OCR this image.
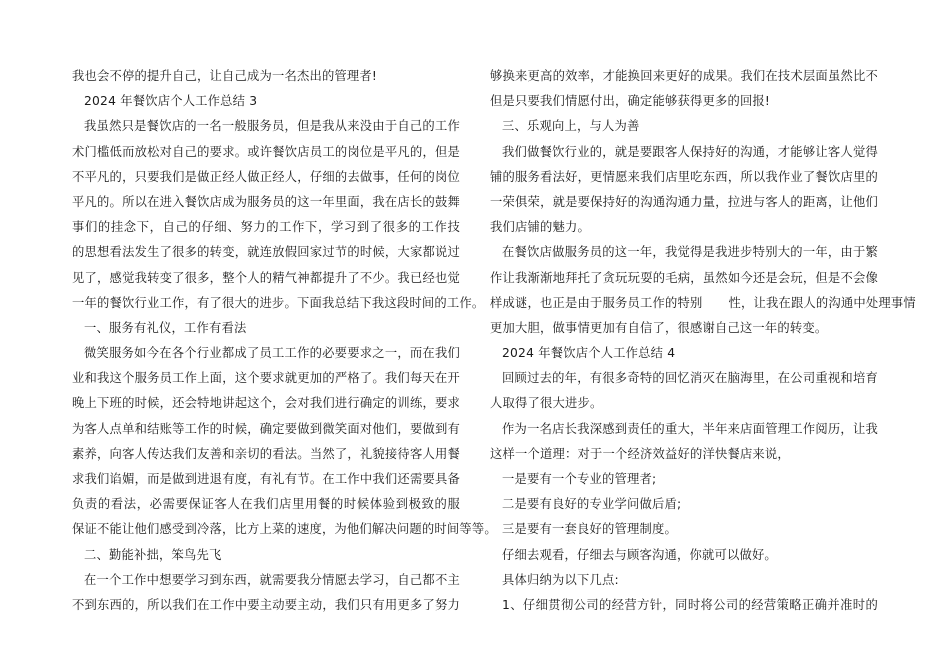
我也会不停的提升自己，让自己成为一名杰出的管理者!
2024 年餐饮店个人工作总结 3
我虽然只是餐饮店的一名一般服务员，但是我从来没由于自己的工作
术门槛低而放松对自己的要求。或许餐饮店员工的岗位是平凡的，但是
不平凡的，只要我们是做正经人做正经人，仔细的去做事，任何的岗位
平凡的。所以在进入餐饮店成为服务员的这一年里面，我在店长的鼓舞
事们的挂念下，自己的仔细、努力的工作下，学习到了很多的工作技
的思想看法发生了很多的转变，就连放假回家过节的时候，大家都说过
见了，感觉我转变了很多，整个人的精气神都提升了不少。我已经也觉
一年的餐饮行业工作，有了很大的进步。下面我总结下我这段时间的工作。
一、服务有礼仪，工作有看法
微笑服务如今在各个行业都成了员工工作的必要要求之一，而在我们
业和我这个服务员工作上面，这个要求就更加的严格了。我们每天在开
晚上下班的时候，还会特地讲起这个，会对我们进行确定的训练，要求
为客人点单和结账等工作的时候，确定要做到微笑面对他们，要做到有
素养，向客人传达我们友善和亲切的看法。当然了，礼貌接待客人用餐
求我们谄媚，而是做到进退有度，有礼有节。在工作中我们还需要具备
负责的看法，必需要保证客人在我们店里用餐的时候体验到极致的服
保证不能让他们感受到冷落，比方上菜的速度，为他们解决问题的时间等等。
二、勤能补拙，笨鸟先飞
在一个工作中想要学习到东西，就需要我分情愿去学习，自己都不主
不到东西的，所以我们在工作中要主动要主动，我们只有用更多了努力
够换来更高的效率，才能换回来更好的成果。我们在技术层面虽然比不
但是只要我们情愿付出，确定能够获得更多的回报!
三、乐观向上，与人为善
我们做餐饮行业的，就是要跟客人保持好的沟通，才能够让客人觉得
铺的服务看法好，更情愿来我们店里吃东西，所以我作业了餐饮店里的
一荣俱荣，就是要保持好的沟通沟通力量，拉进与客人的距离，让他们
我们店铺的魅力。
在餐饮店做服务员的这一年，我觉得是我进步特别大的一年，由于繁
作让我渐渐地拜托了贪玩玩耍的毛病，虽然如今还是会玩，但是不会像
样成谜，也正是由于服务员工作的特别 性，让我在跟人的沟通中处理事情
更加大胆，做事情更加有自信了，很感谢自己这一年的转变。
2024 年餐饮店个人工作总结 4
回顾过去的年，有很多奇特的回忆消灭在脑海里，在公司重视和培育
人取得了很大进步。
作为一名店长我深感到责任的重大，半年来店面管理工作阅历，让我
这样一个道理：对于一个经济效益好的洋快餐店来说，
一是要有一个专业的管理者;
二是要有良好的专业学问做后盾;
三是要有一套良好的管理制度。
仔细去观看，仔细去与顾客沟通，你就可以做好。
具体归纳为以下几点:
1、仔细贯彻公司的经营方针，同时将公司的经营策略正确并准时的
